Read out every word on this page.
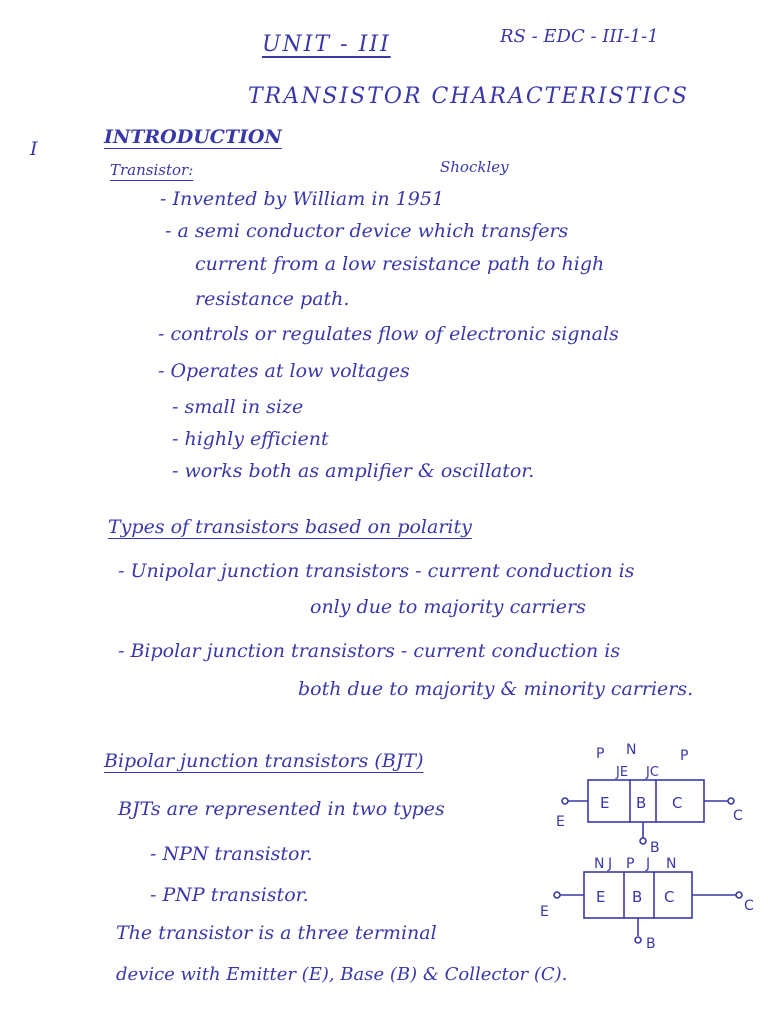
UNIT - III	RS - EDC - III-1-1
TRANSISTOR CHARACTERISTICS
I
INTRODUCTION
Transistor:	Shockley
- Invented by William in 1951
- a semi conductor device which transfers
current from a low resistance path to high
resistance path.
- controls or regulates flow of electronic signals
- Operates at low voltages
- small in size
- highly efficient
- works both as amplifier & oscillator.
Types of transistors based on polarity
- Unipolar junction transistors - current conduction is
only due to majority carriers
- Bipolar junction transistors - current conduction is
both due to majority & minority carriers.
Bipolar junction transistors (BJT)
BJTs are represented in two types
- NPN transistor.
- PNP transistor.
The transistor is a three terminal
device with Emitter (E), Base (B) & Collector (C).
P N	P
JE JC
E B C
E	C
B
N J P J N
E B C
E	C
B
